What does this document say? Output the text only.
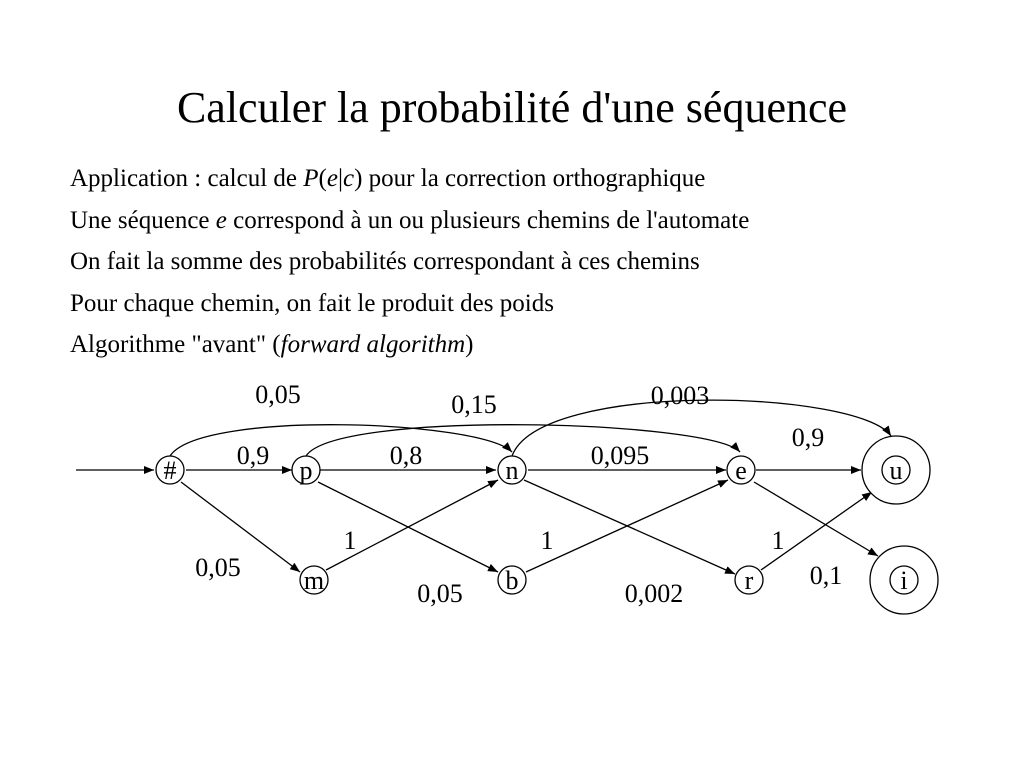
Calculer la probabilité d'une séquence
Application : calcul de P(e|c) pour la correction orthographique
Une séquence e correspond à un ou plusieurs chemins de l'automate
On fait la somme des probabilités correspondant à ces chemins
Pour chaque chemin, on fait le produit des poids
Algorithme "avant" (forward algorithm)
0,9
0,05
0,05
0,8
0,15
0,05
1
0,095
0,003
0,002
1
0,9
0,1
1
#	p
m
n
b
e
r
u
i
